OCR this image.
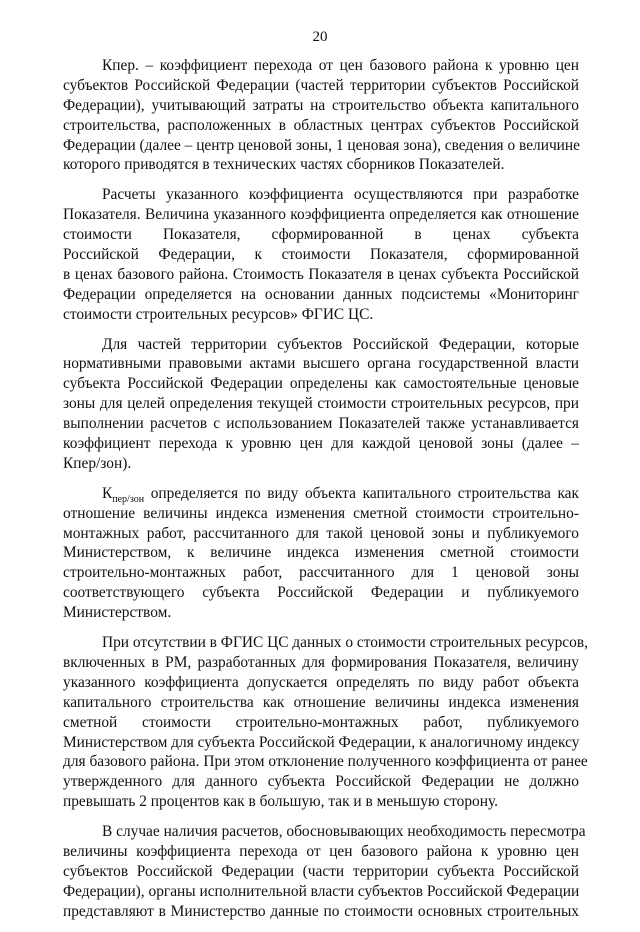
20
Кпер. – коэффициент перехода от цен базового района к уровню цен
субъектов Российской Федерации (частей территории субъектов Российской
Федерации), учитывающий затраты на строительство объекта капитального
строительства, расположенных в областных центрах субъектов Российской
Федерации (далее – центр ценовой зоны, 1 ценовая зона), сведения о величине
которого приводятся в технических частях сборников Показателей.
Расчеты указанного коэффициента осуществляются при разработке
Показателя. Величина указанного коэффициента определяется как отношение
стоимости Показателя, сформированной в ценах субъекта
Российской Федерации, к стоимости Показателя, сформированной
в ценах базового района. Стоимость Показателя в ценах субъекта Российской
Федерации определяется на основании данных подсистемы «Мониторинг
стоимости строительных ресурсов» ФГИС ЦС.
Для частей территории субъектов Российской Федерации, которые
нормативными правовыми актами высшего органа государственной власти
субъекта Российской Федерации определены как самостоятельные ценовые
зоны для целей определения текущей стоимости строительных ресурсов, при
выполнении расчетов с использованием Показателей также устанавливается
коэффициент перехода к уровню цен для каждой ценовой зоны (далее –
Кпер/зон).
$К_{пер/зон}$ определяется по виду объекта капитального строительства как
отношение величины индекса изменения сметной стоимости строительно-
монтажных работ, рассчитанного для такой ценовой зоны и публикуемого
Министерством, к величине индекса изменения сметной стоимости
строительно-монтажных работ, рассчитанного для 1 ценовой зоны
соответствующего субъекта Российской Федерации и публикуемого
Министерством.
При отсутствии в ФГИС ЦС данных о стоимости строительных ресурсов,
включенных в РМ, разработанных для формирования Показателя, величину
указанного коэффициента допускается определять по виду работ объекта
капитального строительства как отношение величины индекса изменения
сметной стоимости строительно-монтажных работ, публикуемого
Министерством для субъекта Российской Федерации, к аналогичному индексу
для базового района. При этом отклонение полученного коэффициента от ранее
утвержденного для данного субъекта Российской Федерации не должно
превышать 2 процентов как в большую, так и в меньшую сторону.
В случае наличия расчетов, обосновывающих необходимость пересмотра
величины коэффициента перехода от цен базового района к уровню цен
субъектов Российской Федерации (части территории субъекта Российской
Федерации), органы исполнительной власти субъектов Российской Федерации
представляют в Министерство данные по стоимости основных строительных
